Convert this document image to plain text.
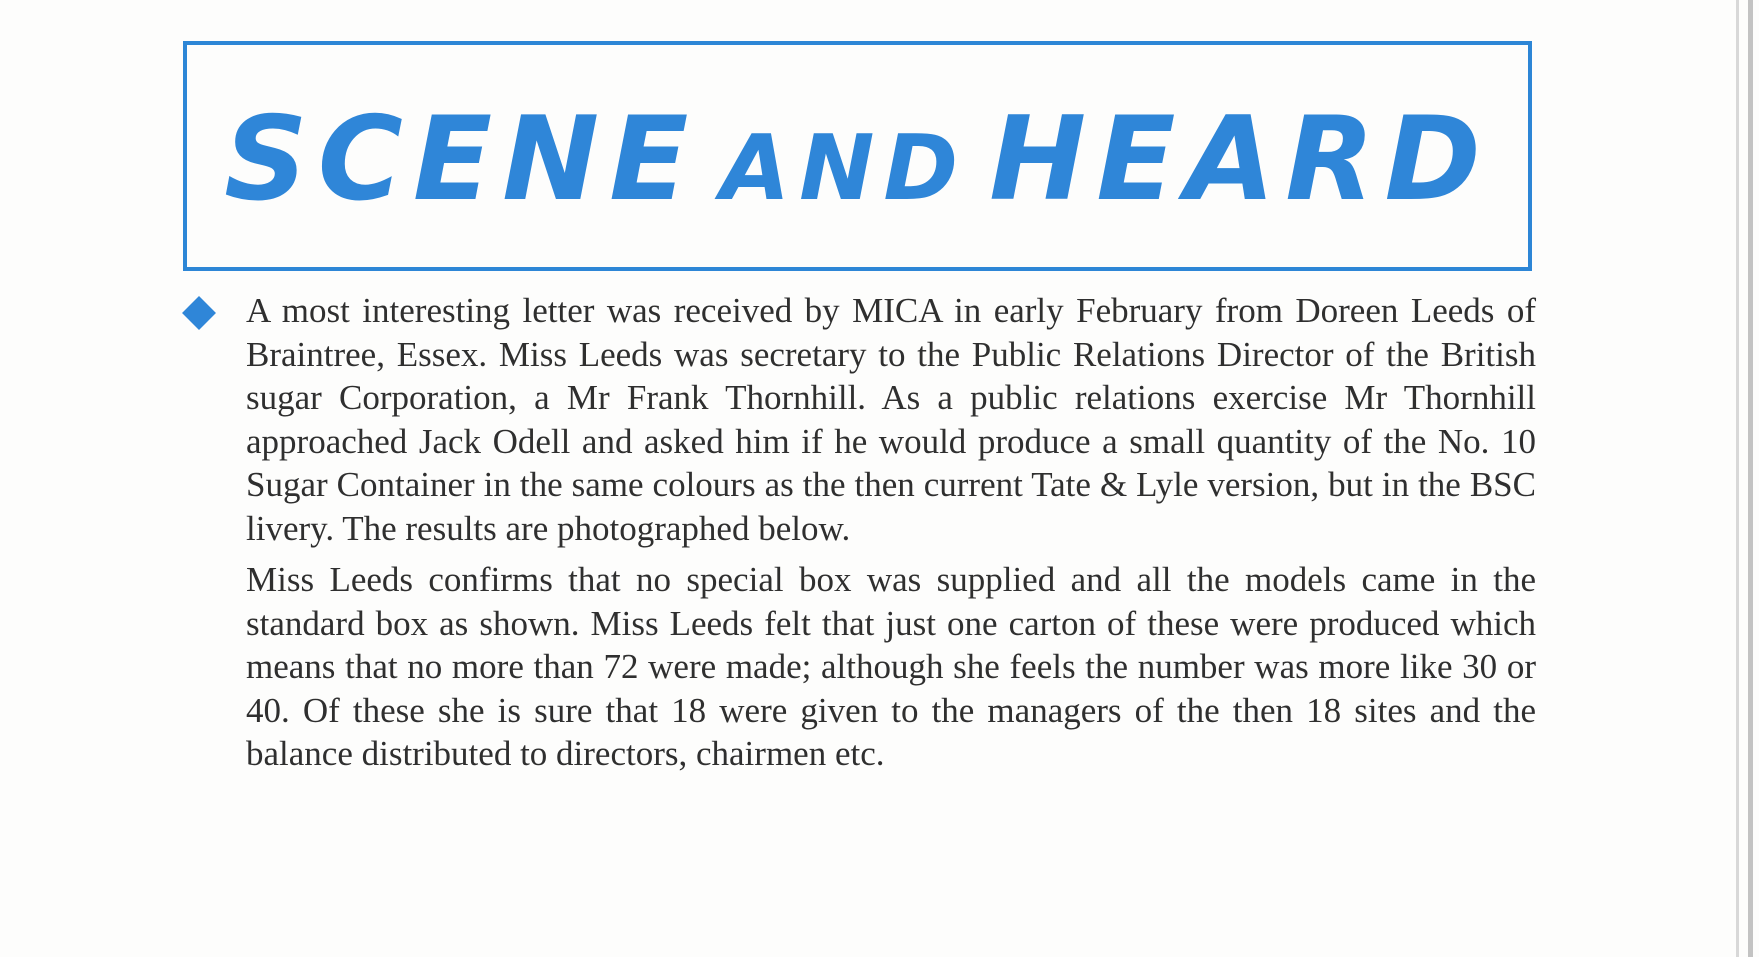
SCENE AND HEARD

A most interesting letter was received by MICA in early February from Doreen Leeds of Braintree, Essex. Miss Leeds was secretary to the Public Relations Director of the British sugar Corporation, a Mr Frank Thornhill. As a public relations exercise Mr Thornhill approached Jack Odell and asked him if he would produce a small quantity of the No. 10 Sugar Container in the same colours as the then current Tate & Lyle version, but in the BSC livery. The results are photographed below.

Miss Leeds confirms that no special box was supplied and all the models came in the standard box as shown. Miss Leeds felt that just one carton of these were produced which means that no more than 72 were made; although she feels the number was more like 30 or 40. Of these she is sure that 18 were given to the managers of the then 18 sites and the balance distributed to directors, chairmen etc.
